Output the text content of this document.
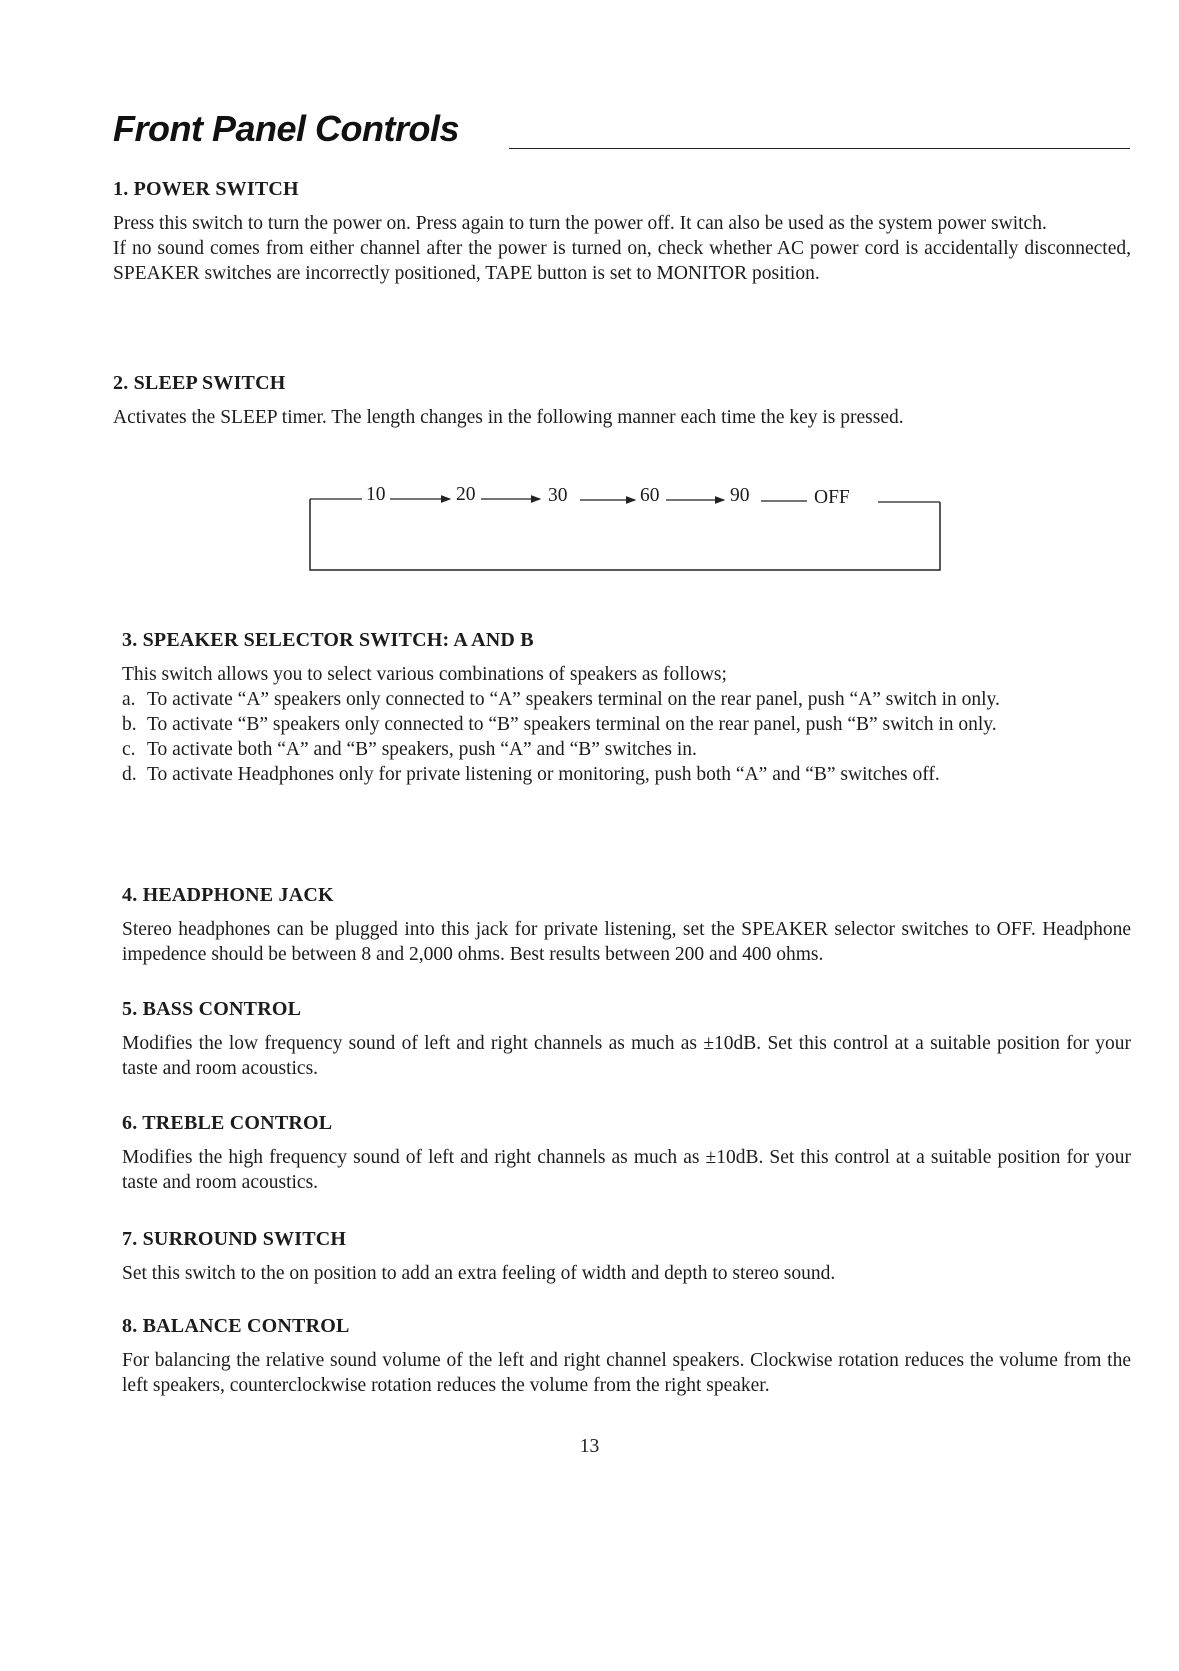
Front Panel Controls
1. POWER SWITCH

Press this switch to turn the power on. Press again to turn the power off. It can also be used as the system power switch.

If no sound comes from either channel after the power is turned on, check whether AC power cord is accidentally disconnected, SPEAKER switches are incorrectly positioned, TAPE button is set to MONITOR position.

2. SLEEP SWITCH

Activates the SLEEP timer. The length changes in the following manner each time the key is pressed.

10	20	30	60	90	OFF
3. SPEAKER SELECTOR SWITCH: A AND B

This switch allows you to select various combinations of speakers as follows;

a. To activate “A” speakers only connected to “A” speakers terminal on the rear panel, push “A” switch in only.
b. To activate “B” speakers only connected to “B” speakers terminal on the rear panel, push “B” switch in only.
c. To activate both “A” and “B” speakers, push “A” and “B” switches in.
d. To activate Headphones only for private listening or monitoring, push both “A” and “B” switches off.
4. HEADPHONE JACK

Stereo headphones can be plugged into this jack for private listening, set the SPEAKER selector switches to OFF. Headphone impedence should be between 8 and 2,000 ohms. Best results between 200 and 400 ohms.

5. BASS CONTROL

Modifies the low frequency sound of left and right channels as much as ±10dB. Set this control at a suitable position for your taste and room acoustics.

6. TREBLE CONTROL

Modifies the high frequency sound of left and right channels as much as ±10dB. Set this control at a suitable position for your taste and room acoustics.

7. SURROUND SWITCH

Set this switch to the on position to add an extra feeling of width and depth to stereo sound.

8. BALANCE CONTROL

For balancing the relative sound volume of the left and right channel speakers. Clockwise rotation reduces the volume from the left speakers, counterclockwise rotation reduces the volume from the right speaker.

13
